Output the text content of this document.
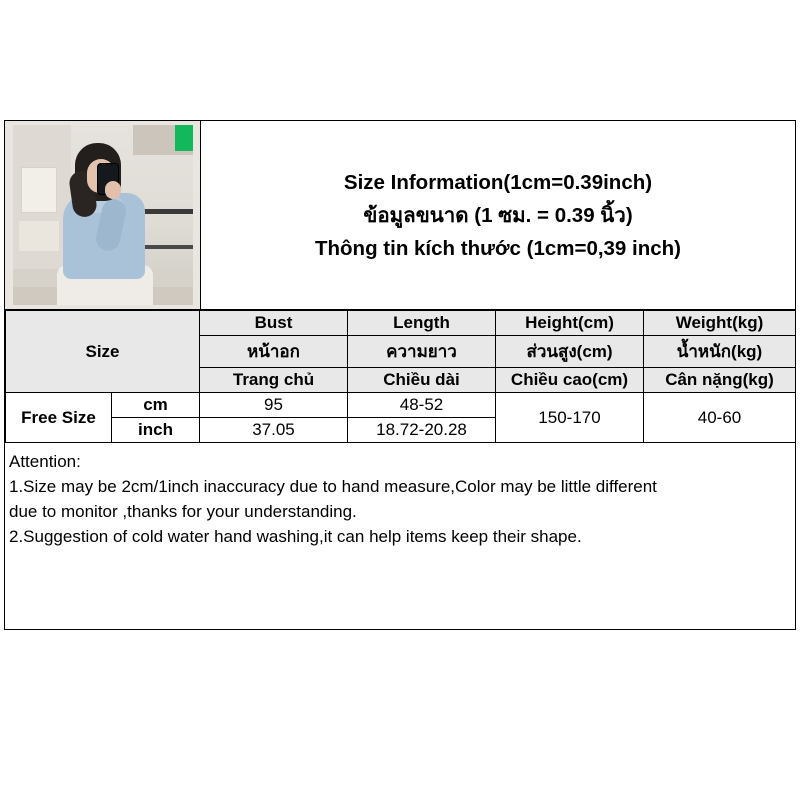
Size Information(1cm=0.39inch)
ข้อมูลขนาด (1 ซม. = 0.39 นิ้ว)
Thông tin kích thước (1cm=0,39 inch)
Size		Bust	Length	Height(cm)	Weight(kg)
		หน้าอก	ความยาว	ส่วนสูง(cm)	น้ำหนัก(kg)
		Trang chủ	Chiều dài	Chiều cao(cm)	Cân nặng(kg)
Free Size	cm	95	48-52	150-170	40-60
	inch	37.05	18.72-20.28		
Attention:
1.Size may be 2cm/1inch inaccuracy due to hand measure,Color may be little different
due to monitor ,thanks for your understanding.
2.Suggestion of cold water hand washing,it can help items keep their shape.
